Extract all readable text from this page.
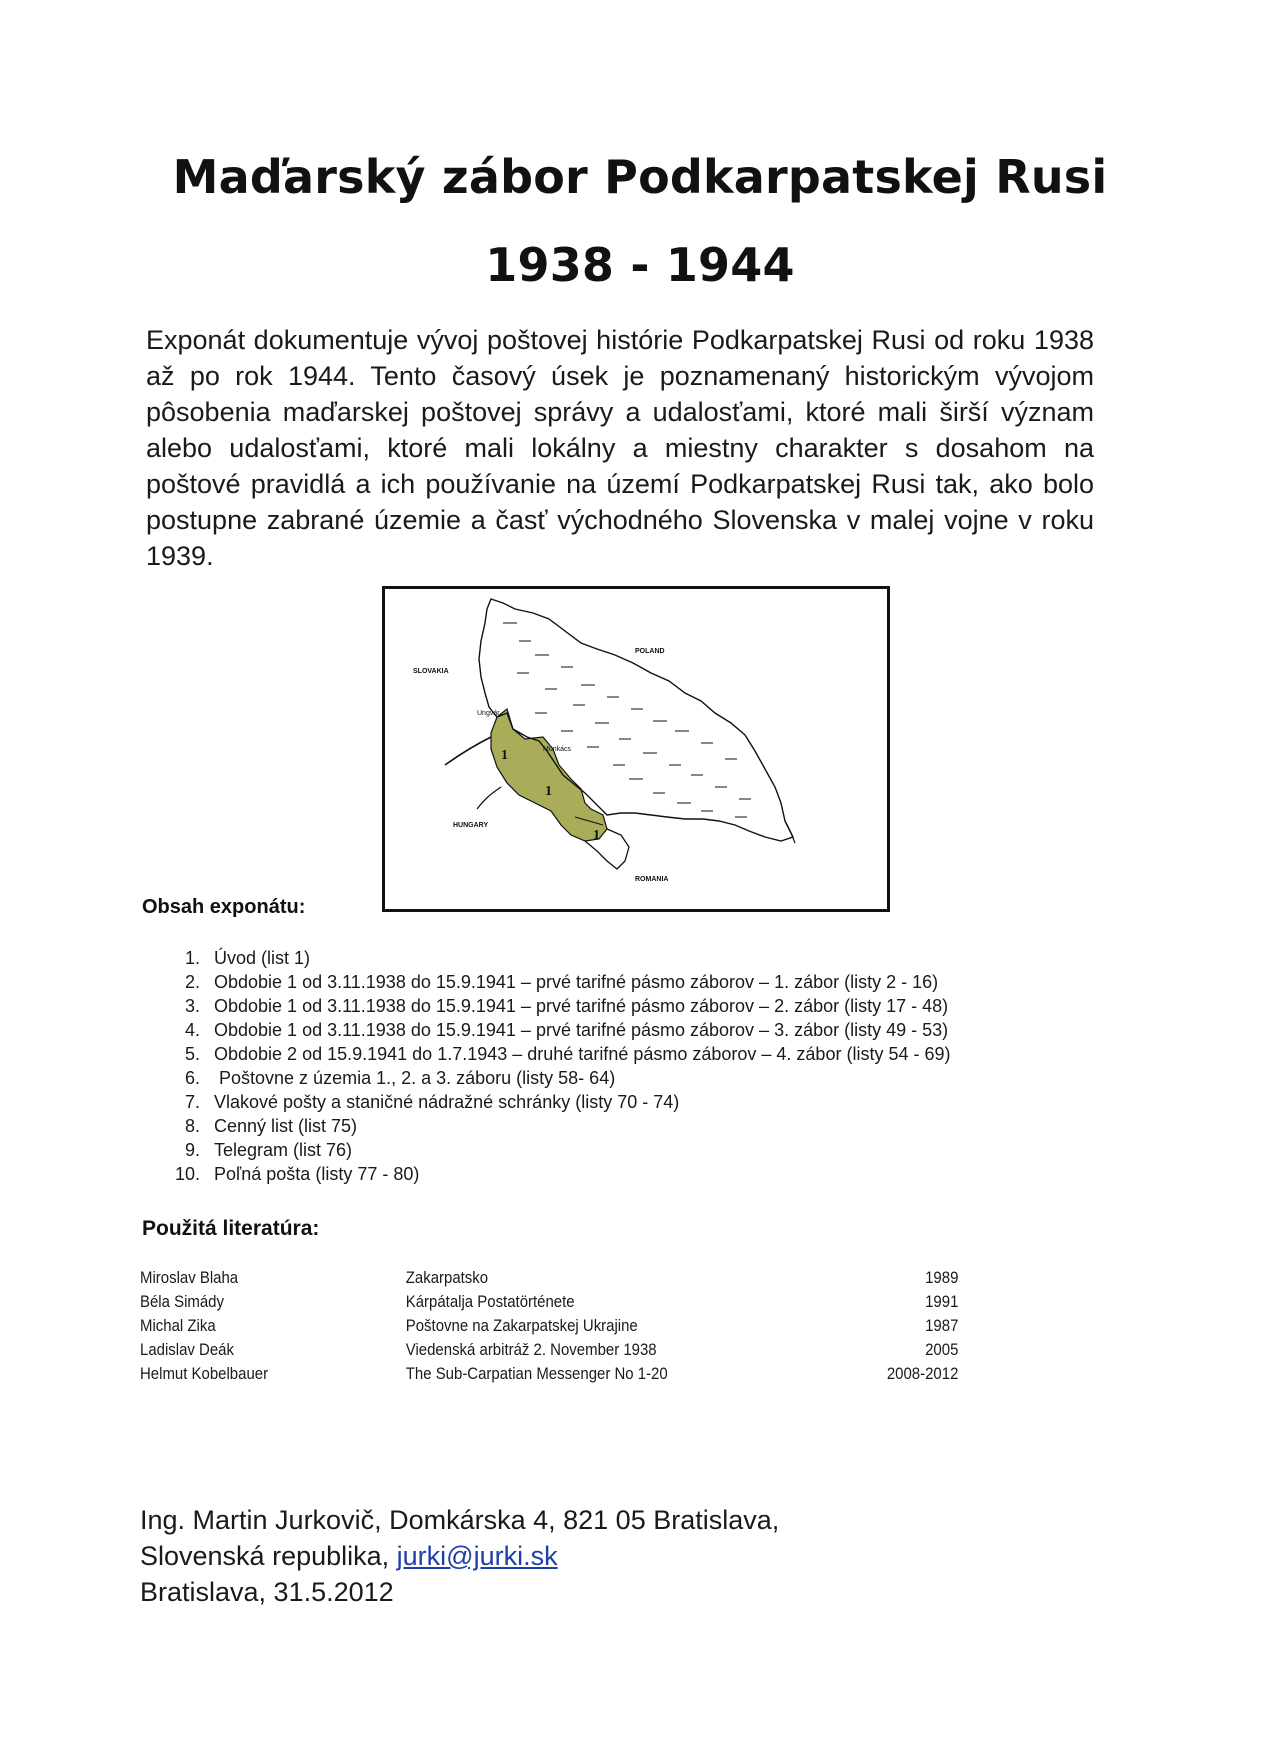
Maďarský zábor Podkarpatskej Rusi
1938 - 1944
Exponát dokumentuje vývoj poštovej histórie Podkarpatskej Rusi od roku 1938 až po rok 1944. Tento časový úsek je poznamenaný historickým vývojom pôsobenia maďarskej poštovej správy a udalosťami, ktoré mali širší význam alebo udalosťami, ktoré mali lokálny a miestny charakter s dosahom na poštové pravidlá a ich používanie na území Podkarpatskej Rusi tak, ako bolo postupne zabrané územie a časť východného Slovenska v malej vojne v roku 1939.
SLOVAKIA
POLAND
HUNGARY
ROMANIA
Munkács
Ungvár
1
1
1
Obsah exponátu:
1. Úvod (list 1)
2. Obdobie 1 od 3.11.1938 do 15.9.1941 – prvé tarifné pásmo záborov – 1. zábor (listy 2 - 16)
3. Obdobie 1 od 3.11.1938 do 15.9.1941 – prvé tarifné pásmo záborov – 2. zábor (listy 17 - 48)
4. Obdobie 1 od 3.11.1938 do 15.9.1941 – prvé tarifné pásmo záborov – 3. zábor (listy 49 - 53)
5. Obdobie 2 od 15.9.1941 do 1.7.1943 – druhé tarifné pásmo záborov – 4. zábor (listy 54 - 69)
6. Poštovne z územia 1., 2. a 3. záboru (listy 58- 64)
7. Vlakové pošty a staničné nádražné schránky (listy 70 - 74)
8. Cenný list (list 75)
9. Telegram (list 76)
10. Poľná pošta (listy 77 - 80)
Použitá literatúra:
Miroslav Blaha	Zakarpatsko	1989
Béla Simády	Kárpátalja Postatörténete	1991
Michal Zika	Poštovne na Zakarpatskej Ukrajine	1987
Ladislav Deák	Viedenská arbitráž 2. November 1938	2005
Helmut Kobelbauer	The Sub-Carpatian Messenger No 1-20	2008-2012
Ing. Martin Jurkovič, Domkárska 4, 821 05 Bratislava,
Slovenská republika, jurki@jurki.sk
Bratislava, 31.5.2012
